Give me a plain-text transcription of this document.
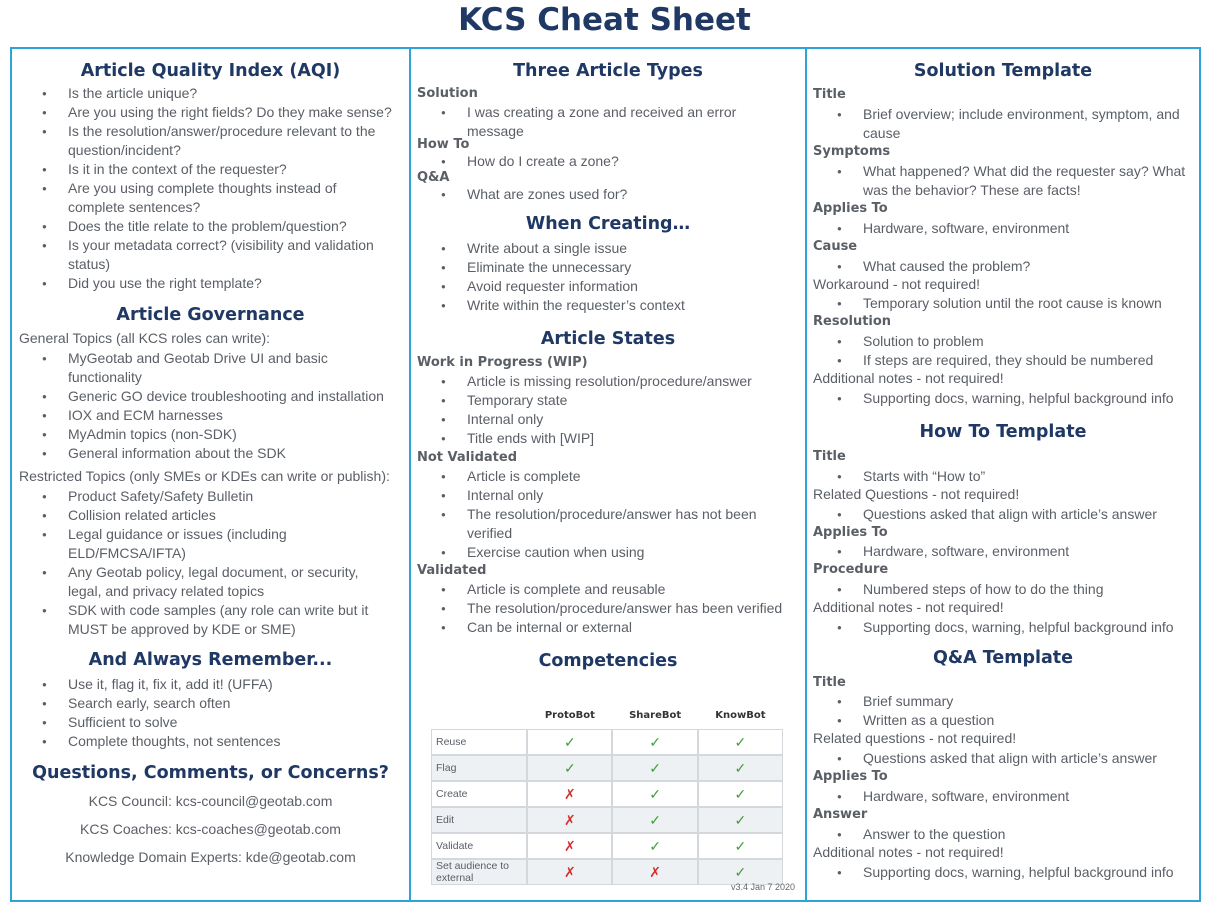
KCS Cheat Sheet
Article Quality Index (AQI)
● Is the article unique?
● Are you using the right fields? Do they make sense?
● Is the resolution/answer/procedure relevant to the question/incident?
● Is it in the context of the requester?
● Are you using complete thoughts instead of complete sentences?
● Does the title relate to the problem/question?
● Is your metadata correct? (visibility and validation status)
● Did you use the right template?
Article Governance
General Topics (all KCS roles can write):
● MyGeotab and Geotab Drive UI and basic functionality
● Generic GO device troubleshooting and installation
● IOX and ECM harnesses
● MyAdmin topics (non-SDK)
● General information about the SDK
Restricted Topics (only SMEs or KDEs can write or publish):
● Product Safety/Safety Bulletin
● Collision related articles
● Legal guidance or issues (including ELD/FMCSA/IFTA)
● Any Geotab policy, legal document, or security, legal, and privacy related topics
● SDK with code samples (any role can write but it MUST be approved by KDE or SME)
And Always Remember...
● Use it, flag it, fix it, add it! (UFFA)
● Search early, search often
● Sufficient to solve
● Complete thoughts, not sentences
Questions, Comments, or Concerns?
KCS Council: kcs-council@geotab.com
KCS Coaches: kcs-coaches@geotab.com
Knowledge Domain Experts: kde@geotab.com
Three Article Types
Solution
● I was creating a zone and received an error message
How To
● How do I create a zone?
Q&A
● What are zones used for?
When Creating…
● Write about a single issue
● Eliminate the unnecessary
● Avoid requester information
● Write within the requester’s context
Article States
Work in Progress (WIP)
● Article is missing resolution/procedure/answer
● Temporary state
● Internal only
● Title ends with [WIP]
Not Validated
● Article is complete
● Internal only
● The resolution/procedure/answer has not been verified
● Exercise caution when using
Validated
● Article is complete and reusable
● The resolution/procedure/answer has been verified
● Can be internal or external
Competencies
	ProtoBot	ShareBot	KnowBot
Reuse	✓	✓	✓
Flag	✓	✓	✓
Create	✗	✓	✓
Edit	✗	✓	✓
Validate	✗	✓	✓
Set audience to external	✗	✗	✓
v3.4 Jan 7 2020
Solution Template
Title
● Brief overview; include environment, symptom, and cause
Symptoms
● What happened? What did the requester say? What was the behavior? These are facts!
Applies To
● Hardware, software, environment
Cause
● What caused the problem?
Workaround - not required!
● Temporary solution until the root cause is known
Resolution
● Solution to problem
● If steps are required, they should be numbered
Additional notes - not required!
● Supporting docs, warning, helpful background info
How To Template
Title
● Starts with “How to”
Related Questions - not required!
● Questions asked that align with article’s answer
Applies To
● Hardware, software, environment
Procedure
● Numbered steps of how to do the thing
Additional notes - not required!
● Supporting docs, warning, helpful background info
Q&A Template
Title
● Brief summary
● Written as a question
Related questions - not required!
● Questions asked that align with article’s answer
Applies To
● Hardware, software, environment
Answer
● Answer to the question
Additional notes - not required!
● Supporting docs, warning, helpful background info
